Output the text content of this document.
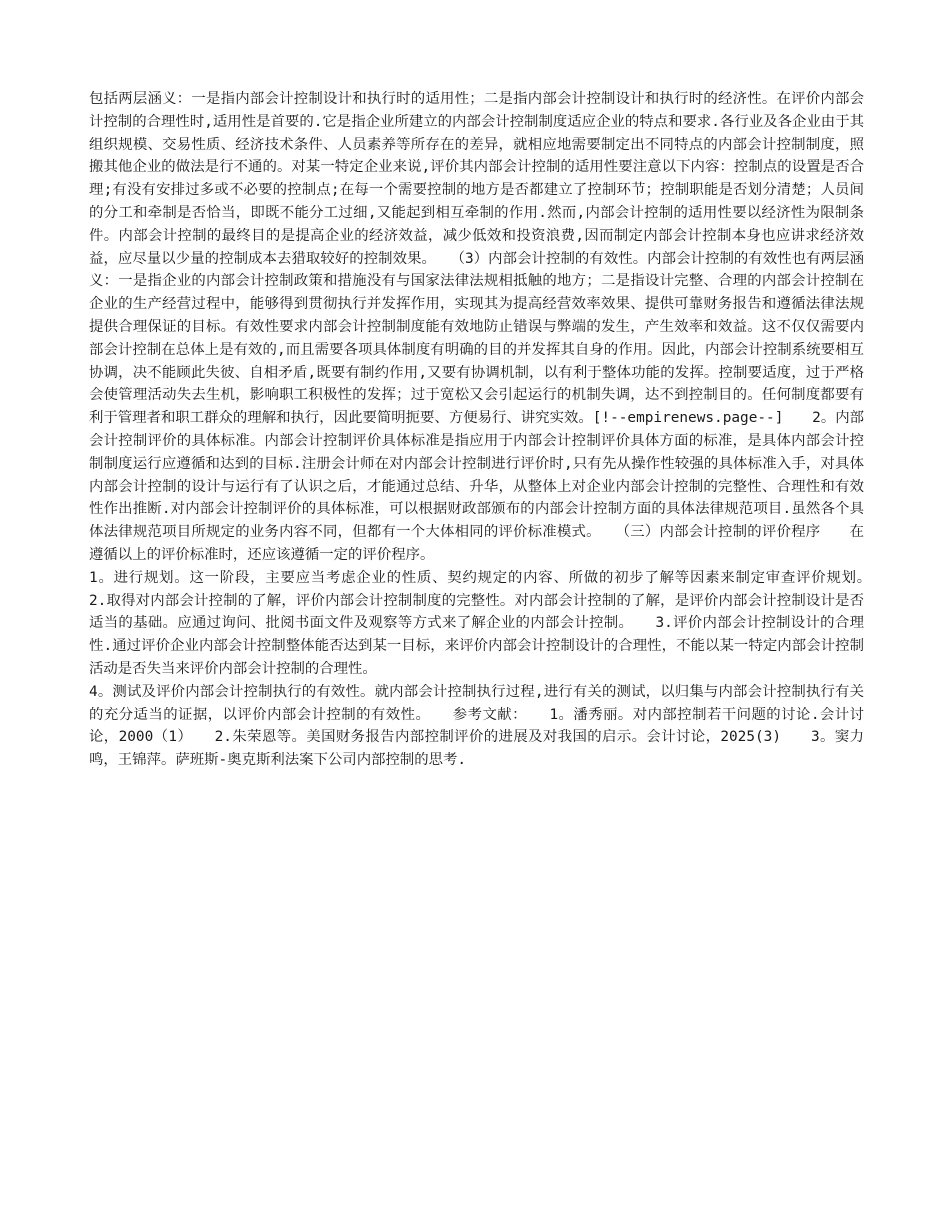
包括两层涵义：一是指内部会计控制设计和执行时的适用性；二是指内部会计控制设计和执行时的经济性。在评价内部会计控制的合理性时,适用性是首要的.它是指企业所建立的内部会计控制制度适应企业的特点和要求.各行业及各企业由于其组织规模、交易性质、经济技术条件、人员素养等所存在的差异，就相应地需要制定出不同特点的内部会计控制制度，照搬其他企业的做法是行不通的。对某一特定企业来说,评价其内部会计控制的适用性要注意以下内容：控制点的设置是否合理;有没有安排过多或不必要的控制点;在每一个需要控制的地方是否都建立了控制环节；控制职能是否划分清楚；人员间的分工和牵制是否恰当，即既不能分工过细,又能起到相互牵制的作用.然而,内部会计控制的适用性要以经济性为限制条件。内部会计控制的最终目的是提高企业的经济效益，减少低效和投资浪费,因而制定内部会计控制本身也应讲求经济效益，应尽量以少量的控制成本去猎取较好的控制效果。　　（3）内部会计控制的有效性。内部会计控制的有效性也有两层涵义：一是指企业的内部会计控制政策和措施没有与国家法律法规相抵触的地方；二是指设计完整、合理的内部会计控制在企业的生产经营过程中，能够得到贯彻执行并发挥作用，实现其为提高经营效率效果、提供可靠财务报告和遵循法律法规提供合理保证的目标。有效性要求内部会计控制制度能有效地防止错误与弊端的发生，产生效率和效益。这不仅仅需要内部会计控制在总体上是有效的,而且需要各项具体制度有明确的目的并发挥其自身的作用。因此，内部会计控制系统要相互协调，决不能顾此失彼、自相矛盾,既要有制约作用,又要有协调机制，以有利于整体功能的发挥。控制要适度，过于严格会使管理活动失去生机，影响职工积极性的发挥；过于宽松又会引起运行的机制失调，达不到控制目的。任何制度都要有利于管理者和职工群众的理解和执行，因此要简明扼要、方便易行、讲究实效。[!--empirenews.page--]　　2。内部会计控制评价的具体标准。内部会计控制评价具体标准是指应用于内部会计控制评价具体方面的标准，是具体内部会计控制制度运行应遵循和达到的目标.注册会计师在对内部会计控制进行评价时,只有先从操作性较强的具体标准入手，对具体内部会计控制的设计与运行有了认识之后，才能通过总结、升华，从整体上对企业内部会计控制的完整性、合理性和有效性作出推断.对内部会计控制评价的具体标准，可以根据财政部颁布的内部会计控制方面的具体法律规范项目.虽然各个具体法律规范项目所规定的业务内容不同，但都有一个大体相同的评价标准模式。　　（三）内部会计控制的评价程序　　在遵循以上的评价标准时，还应该遵循一定的评价程序。

1。进行规划。这一阶段，主要应当考虑企业的性质、契约规定的内容、所做的初步了解等因素来制定审查评价规划。　　2.取得对内部会计控制的了解，评价内部会计控制制度的完整性。对内部会计控制的了解，是评价内部会计控制设计是否适当的基础。应通过询问、批阅书面文件及观察等方式来了解企业的内部会计控制。　　3.评价内部会计控制设计的合理性.通过评价企业内部会计控制整体能否达到某一目标，来评价内部会计控制设计的合理性，不能以某一特定内部会计控制活动是否失当来评价内部会计控制的合理性。

4。测试及评价内部会计控制执行的有效性。就内部会计控制执行过程,进行有关的测试，以归集与内部会计控制执行有关的充分适当的证据，以评价内部会计控制的有效性。　　参考文献：　　1。潘秀丽。对内部控制若干问题的讨论.会计讨论，2000（1）　　2.朱荣恩等。美国财务报告内部控制评价的进展及对我国的启示。会计讨论，2025(3)　　3。窦力鸣，王锦萍。萨班斯-奥克斯利法案下公司内部控制的思考.
